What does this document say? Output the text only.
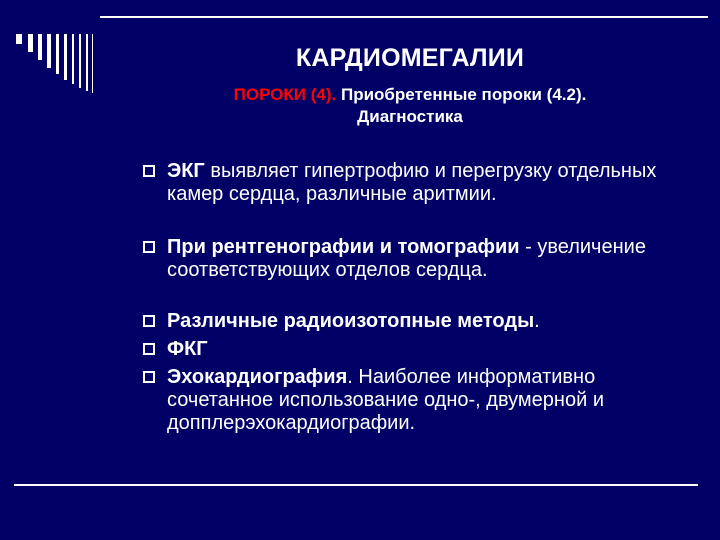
КАРДИОМЕГАЛИИ
ПОРОКИ (4). Приобретенные пороки (4.2).
Диагностика
ЭКГ выявляет гипертрофию и перегрузку отдельных камер сердца, различные аритмии.
При рентгенографии и томографии - увеличение соответствующих отделов сердца.
Различные радиоизотопные методы.
ФКГ
Эхокардиография. Наиболее информативно сочетанное использование одно-, двумерной и допплерэхокардиографии.
